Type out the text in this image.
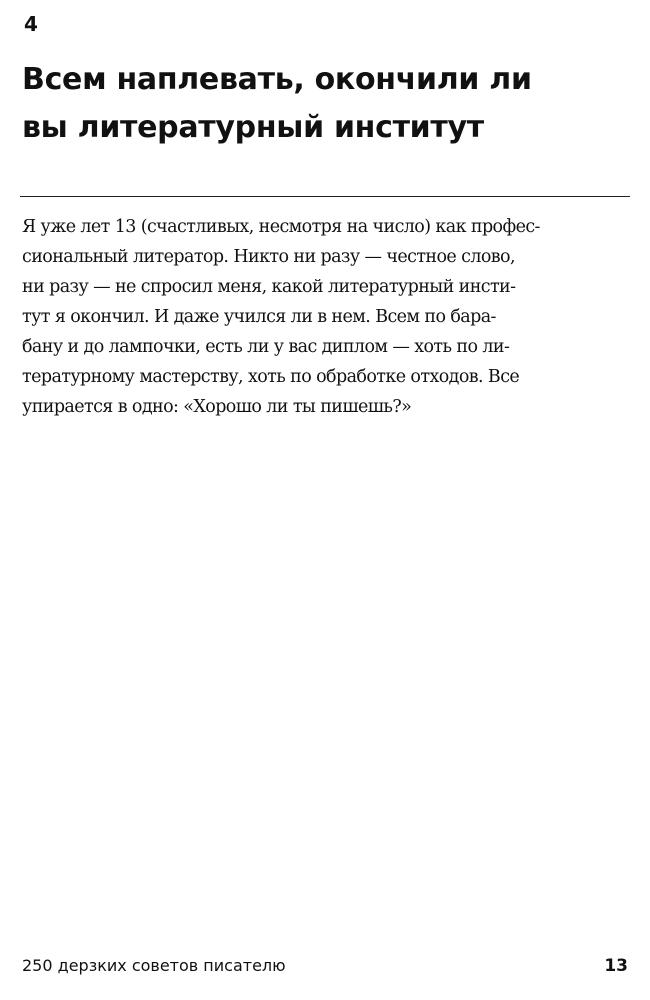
4
Всем наплевать, окончили ли
вы литературный институт
Я уже лет 13 (счастливых, несмотря на число) как профес-
сиональный литератор. Никто ни разу — честное слово,
ни разу — не спросил меня, какой литературный инсти-
тут я окончил. И даже учился ли в нем. Всем по бара-
бану и до лампочки, есть ли у вас диплом — хоть по ли-
тературному мастерству, хоть по обработке отходов. Все
упирается в одно: «Хорошо ли ты пишешь?»
250 дерзких советов писателю	13
